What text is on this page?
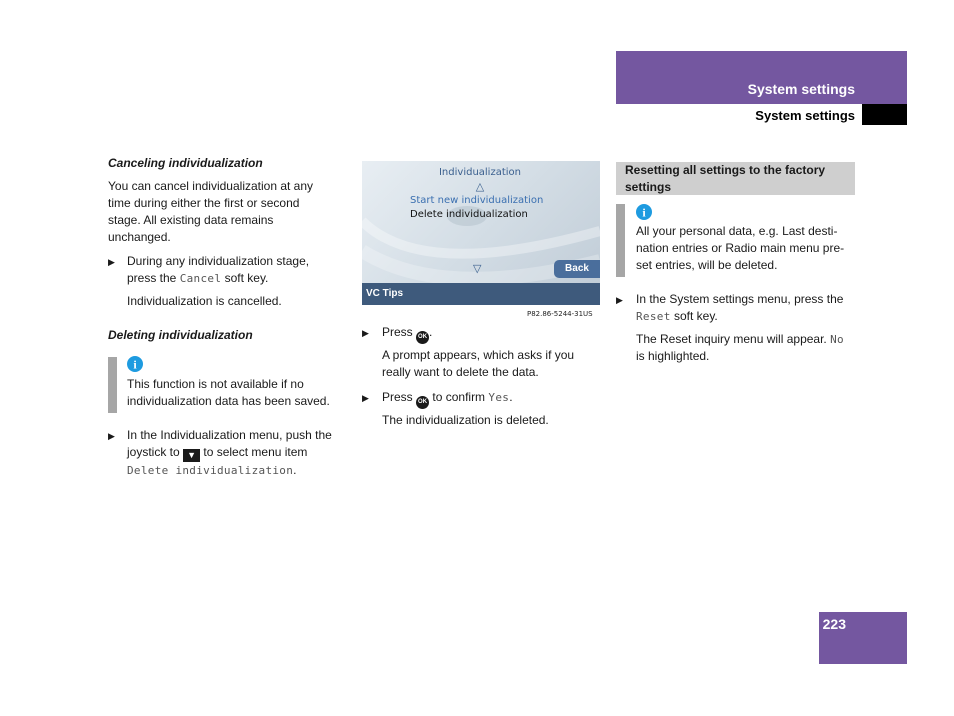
System settings
System settings
Canceling individualization
You can cancel individualization at any
time during either the first or second
stage. All existing data remains
unchanged.
▶ During any individualization stage,
press the Cancel soft key.
Individualization is cancelled.
Deleting individualization
i
This function is not available if no
individualization data has been saved.
▶ In the Individualization menu, push the
joystick to ▼ to select menu item
Delete individualization.
Individualization
△
Start new individualization
Delete individualization
▽	Back
VC Tips
P82.86-5244-31US
▶ Press OK .
A prompt appears, which asks if you
really want to delete the data.
▶ Press OK to confirm Yes.
The individualization is deleted.
Resetting all settings to the factory
settings
i
All your personal data, e.g. Last desti-
nation entries or Radio main menu pre-
set entries, will be deleted.
▶ In the System settings menu, press the
Reset soft key.
The Reset inquiry menu will appear. No
is highlighted.
223
